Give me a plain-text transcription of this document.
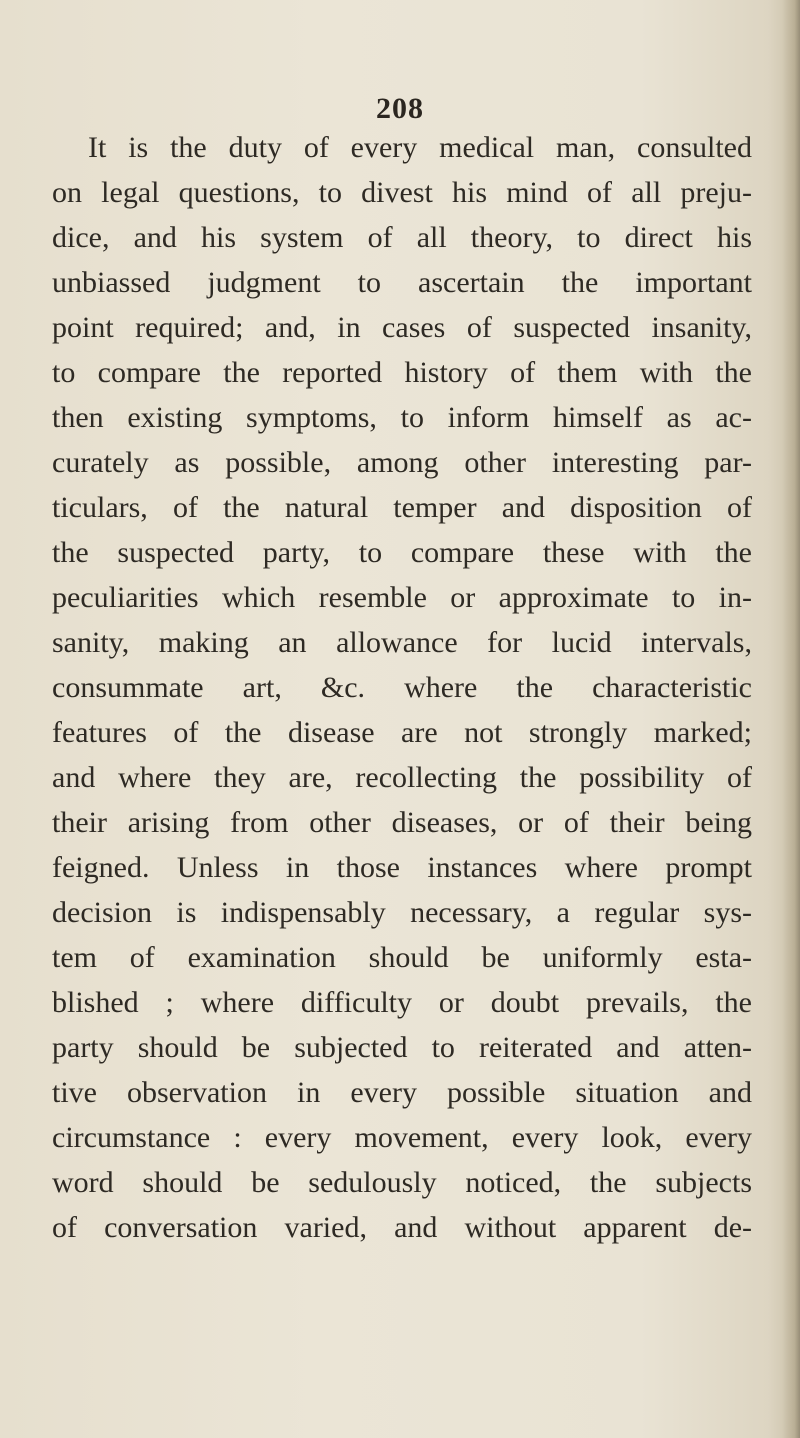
208
It is the duty of every medical man, consulted
on legal questions, to divest his mind of all preju-
dice, and his system of all theory, to direct his
unbiassed judgment to ascertain the important
point required; and, in cases of suspected insanity,
to compare the reported history of them with the
then existing symptoms, to inform himself as ac-
curately as possible, among other interesting par-
ticulars, of the natural temper and disposition of
the suspected party, to compare these with the
peculiarities which resemble or approximate to in-
sanity, making an allowance for lucid intervals,
consummate art, &c. where the characteristic
features of the disease are not strongly marked;
and where they are, recollecting the possibility of
their arising from other diseases, or of their being
feigned. Unless in those instances where prompt
decision is indispensably necessary, a regular sys-
tem of examination should be uniformly esta-
blished ; where difficulty or doubt prevails, the
party should be subjected to reiterated and atten-
tive observation in every possible situation and
circumstance : every movement, every look, every
word should be sedulously noticed, the subjects
of conversation varied, and without apparent de-
